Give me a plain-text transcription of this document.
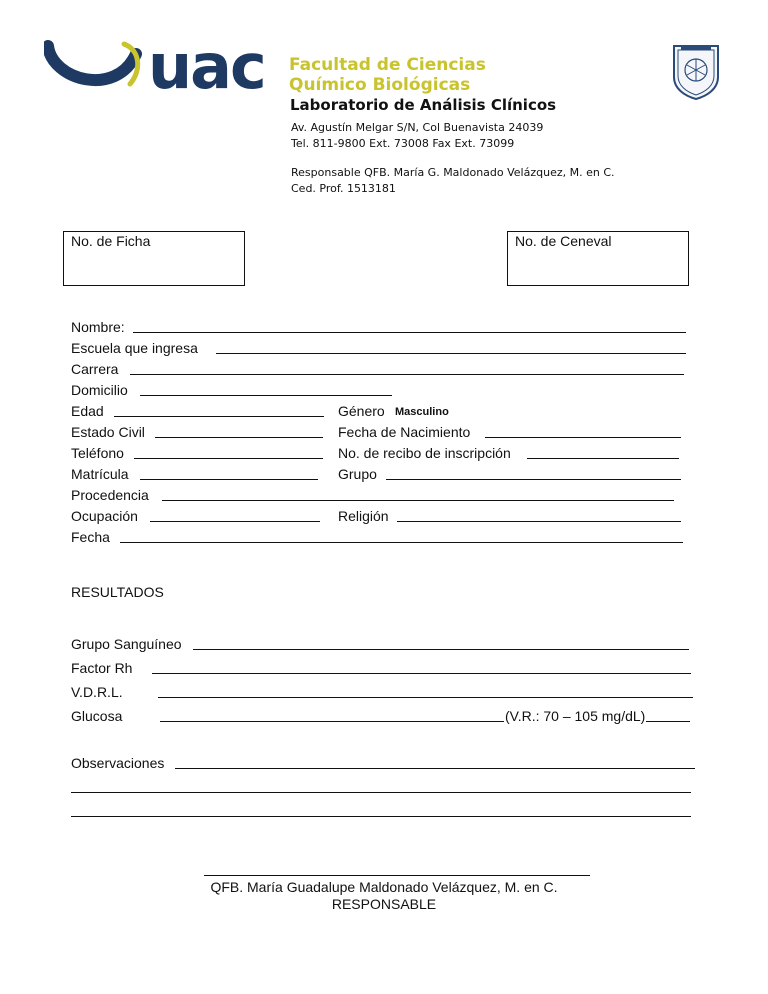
uac Facultad de Ciencias
Químico Biológicas
Laboratorio de Análisis Clínicos
Av. Agustín Melgar S/N, Col Buenavista 24039
Tel. 811-9800 Ext. 73008 Fax Ext. 73099
Responsable QFB. María G. Maldonado Velázquez, M. en C.
Ced. Prof. 1513181
No. de Ficha	No. de Ceneval
Nombre:
Escuela que ingresa
Carrera
Domicilio
Edad	Género Masculino
Estado Civil	Fecha de Nacimiento
Teléfono	No. de recibo de inscripción
Matrícula	Grupo
Procedencia
Ocupación	Religión
Fecha
RESULTADOS
Grupo Sanguíneo
Factor Rh
V.D.R.L.
Glucosa	(V.R.: 70 – 105 mg/dL)
Observaciones
QFB. María Guadalupe Maldonado Velázquez, M. en C.
RESPONSABLE
